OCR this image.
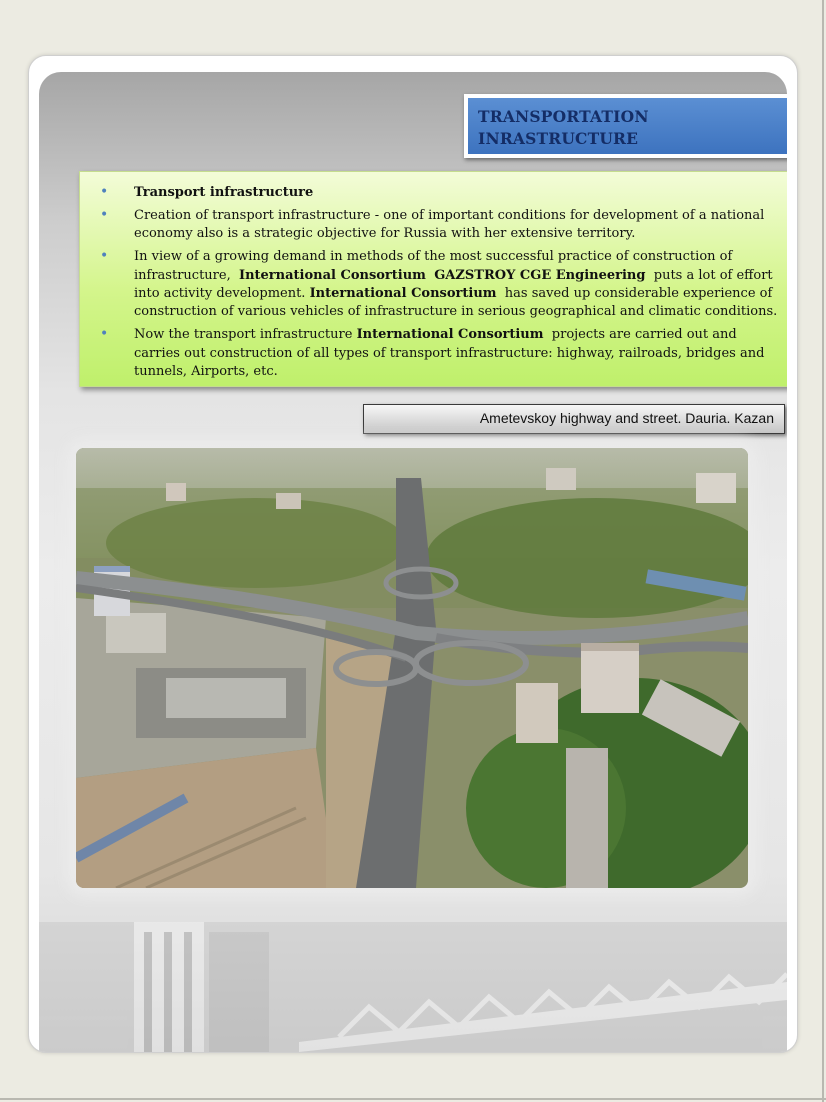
TRANSPORTATION
INRASTRUCTURE
• Transport infrastructure
• Creation of transport infrastructure - one of important conditions for development of a national economy also is a strategic objective for Russia with her extensive territory.
• In view of a growing demand in methods of the most successful practice of construction of infrastructure, International Consortium GAZSTROY CGE Engineering puts a lot of effort into activity development. International Consortium has saved up considerable experience of construction of various vehicles of infrastructure in serious geographical and climatic conditions.
• Now the transport infrastructure International Consortium projects are carried out and carries out construction of all types of transport infrastructure: highway, railroads, bridges and tunnels, Airports, etc.
Ametevskoy highway and street. Dauria. Kazan
